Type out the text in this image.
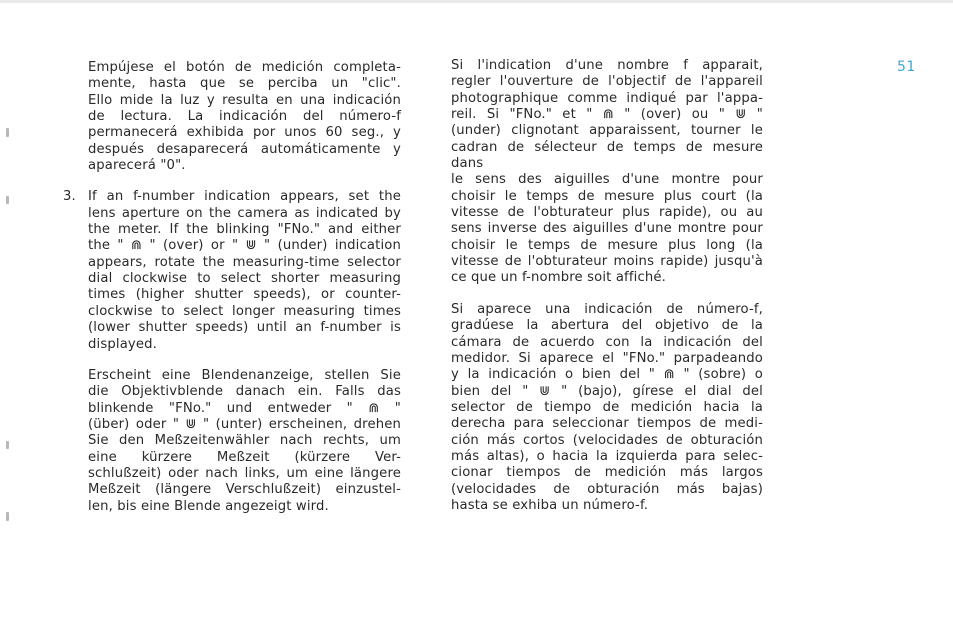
Empújese el botón de medición completa-

mente, hasta que se perciba un "clic".

Ello mide la luz y resulta en una indicación

de lectura. La indicación del número-f

permanecerá exhibida por unos 60 seg., y

después desaparecerá automáticamente y

aparecerá "0".

3. If an f-number indication appears, set the

lens aperture on the camera as indicated by

the meter. If the blinking "FNo." and either

the " ⋒ " (over) or " ⋓ " (under) indication

appears, rotate the measuring-time selector

dial clockwise to select shorter measuring

times (higher shutter speeds), or counter-

clockwise to select longer measuring times

(lower shutter speeds) until an f-number is

displayed.

Erscheint eine Blendenanzeige, stellen Sie

die Objektivblende danach ein. Falls das

blinkende "FNo." und entweder " ⋒ "

(über) oder " ⋓ " (unter) erscheinen, drehen

Sie den Meßzeitenwähler nach rechts, um

eine kürzere Meßzeit (kürzere Ver-

schlußzeit) oder nach links, um eine längere

Meßzeit (längere Verschlußzeit) einzustel-

len, bis eine Blende angezeigt wird.

Si l'indication d'une nombre f apparait,

regler l'ouverture de l'objectif de l'appareil

photographique comme indiqué par l'appa-

reil. Si "FNo." et " ⋒ " (over) ou " ⋓ "

(under) clignotant apparaissent, tourner le

cadran de sélecteur de temps de mesure dans

le sens des aiguilles d'une montre pour

choisir le temps de mesure plus court (la

vitesse de l'obturateur plus rapide), ou au

sens inverse des aiguilles d'une montre pour

choisir le temps de mesure plus long (la

vitesse de l'obturateur moins rapide) jusqu'à

ce que un f-nombre soit affiché.

Si aparece una indicación de número-f,

gradúese la abertura del objetivo de la

cámara de acuerdo con la indicación del

medidor. Si aparece el "FNo." parpadeando

y la indicación o bien del " ⋒ " (sobre) o

bien del " ⋓ " (bajo), gírese el dial del

selector de tiempo de medición hacia la

derecha para seleccionar tiempos de medi-

ción más cortos (velocidades de obturación

más altas), o hacia la izquierda para selec-

cionar tiempos de medición más largos

(velocidades de obturación más bajas)

hasta se exhiba un número-f.

51
